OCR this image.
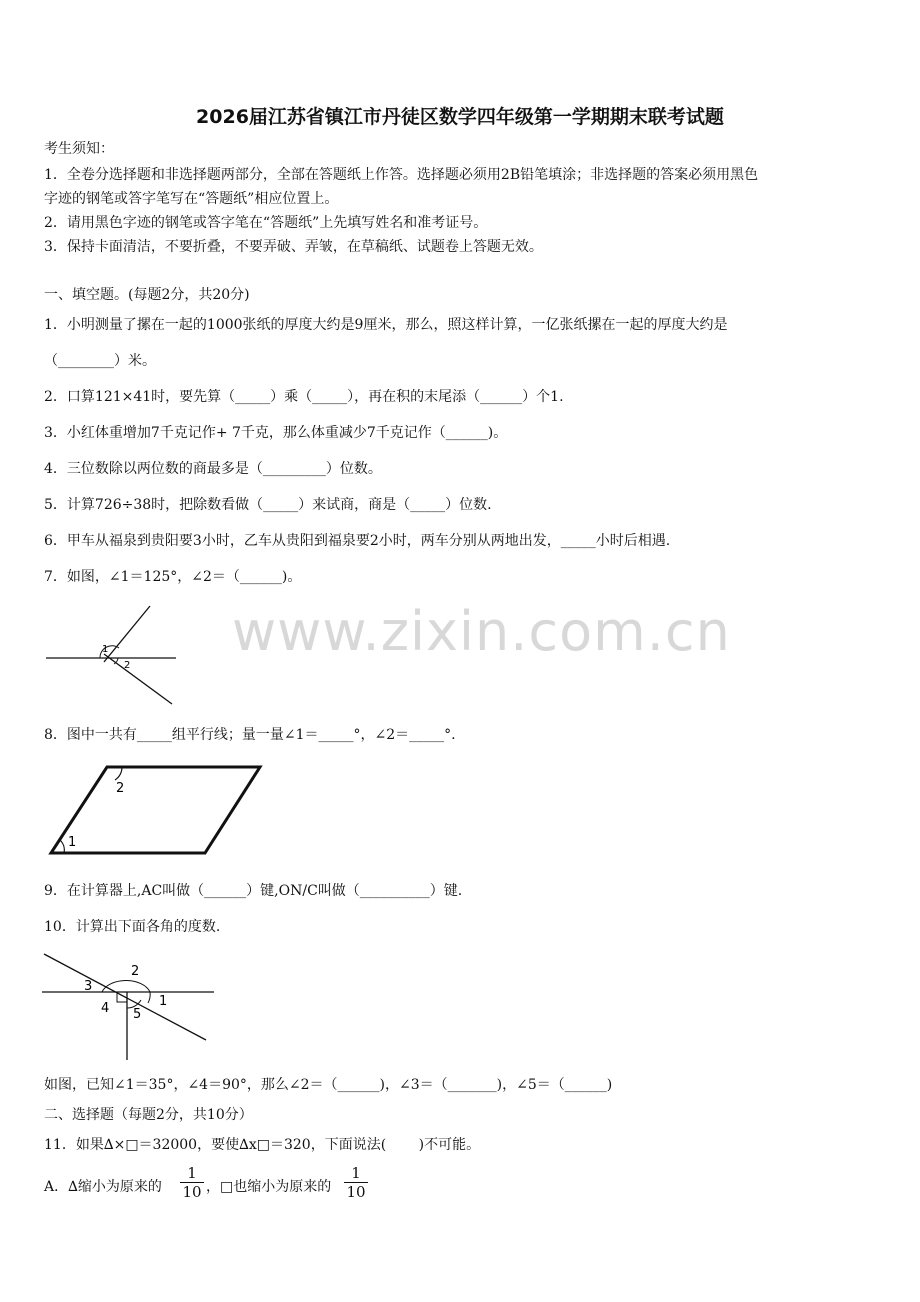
2026届江苏省镇江市丹徒区数学四年级第一学期期末联考试题
www.zixin.com.cn
考生须知：
1．全卷分选择题和非选择题两部分，全部在答题纸上作答。选择题必须用2B铅笔填涂；非选择题的答案必须用黑色
字迹的钢笔或答字笔写在“答题纸”相应位置上。
2．请用黑色字迹的钢笔或答字笔在“答题纸”上先填写姓名和准考证号。
3．保持卡面清洁，不要折叠，不要弄破、弄皱，在草稿纸、试题卷上答题无效。
一、填空题。(每题2分，共20分)
1．小明测量了摞在一起的1000张纸的厚度大约是9厘米，那么，照这样计算，一亿张纸摞在一起的厚度大约是
（________）米。
2．口算121×41时，要先算（_____）乘（_____），再在积的末尾添（______）个1.
3．小红体重增加7千克记作+ 7千克，那么体重减少7千克记作（______)。
4．三位数除以两位数的商最多是（_________）位数。
5．计算726÷38时，把除数看做（_____）来试商，商是（_____）位数.
6．甲车从福泉到贵阳要3小时，乙车从贵阳到福泉要2小时，两车分别从两地出发，_____小时后相遇.
7．如图，∠1＝125°，∠2＝（______)。
1
2
8．图中一共有_____组平行线；量一量∠1＝_____°，∠2＝_____°.
2
1
9．在计算器上,AC叫做（______）键,ON/C叫做（__________）键.
10．计算出下面各角的度数.
2
3
1
4 5
如图，已知∠1＝35°，∠4＝90°，那么∠2＝（______)，∠3＝（_______)，∠5＝（______)
二、选择题（每题2分，共10分）
11．如果∆×□＝32000，要使∆x□＝320，下面说法(　　 )不可能。
A．∆缩小为原来的 $\frac{1}{10}$ ，□也缩小为原来的 $\frac{1}{10}$
